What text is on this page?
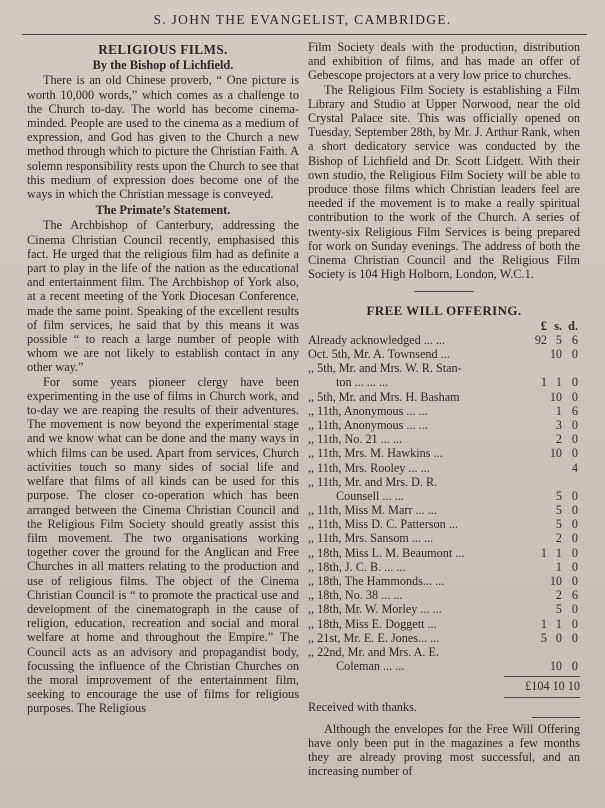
S. JOHN THE EVANGELIST, CAMBRIDGE.
RELIGIOUS FILMS.
By the Bishop of Lichfield.

There is an old Chinese proverb, “ One picture is worth 10,000 words,” which comes as a challenge to the Church to-day. The world has become cinema-minded. People are used to the cinema as a medium of expression, and God has given to the Church a new method through which to picture the Christian Faith. A solemn responsibility rests upon the Church to see that this medium of expression does become one of the ways in which the Christian message is conveyed.

The Primate’s Statement.

The Archbishop of Canterbury, addressing the Cinema Christian Council recently, emphasised this fact. He urged that the religious film had as definite a part to play in the life of the nation as the educational and entertainment film. The Archbishop of York also, at a recent meeting of the York Diocesan Conference, made the same point. Speaking of the excellent results of film services, he said that by this means it was possible “ to reach a large number of people with whom we are not likely to establish contact in any other way.”

For some years pioneer clergy have been experimenting in the use of films in Church work, and to-day we are reaping the results of their adventures. The movement is now beyond the experimental stage and we know what can be done and the many ways in which films can be used. Apart from services, Church activities touch so many sides of social life and welfare that films of all kinds can be used for this purpose. The closer co-operation which has been arranged between the Cinema Christian Council and the Religious Film Society should greatly assist this film movement. The two organisations working together cover the ground for the Anglican and Free Churches in all matters relating to the production and use of religious films. The object of the Cinema Christian Council is “ to promote the practical use and development of the cinematograph in the cause of religion, education, recreation and social and moral welfare at home and throughout the Empire.” The Council acts as an advisory and propagandist body, focussing the influence of the Christian Churches on the moral improvement of the entertainment film, seeking to encourage the use of films for religious purposes. The Religious

Film Society deals with the production, distribution and exhibition of films, and has made an offer of Gebescope projectors at a very low price to churches.

The Religious Film Society is establishing a Film Library and Studio at Upper Norwood, near the old Crystal Palace site. This was officially opened on Tuesday, September 28th, by Mr. J. Arthur Rank, when a short dedicatory service was conducted by the Bishop of Lichfield and Dr. Scott Lidgett. With their own studio, the Religious Film Society will be able to produce those films which Christian leaders feel are needed if the movement is to make a really spiritual contribution to the work of the Church. A series of twenty-six Religious Film Services is being prepared for work on Sunday evenings. The address of both the Cinema Christian Council and the Religious Film Society is 104 High Holborn, London, W.C.1.

FREE WILL OFFERING.
£ s. d.
Already acknowledged ... ...	92 5 6
Oct. 5th, Mr. A. Townsend ...	10 0
,, 5th, Mr. and Mrs. W. R. Stan-
ton ... ... ...	1 1 0
,, 5th, Mr. and Mrs. H. Basham	10 0
,, 11th, Anonymous ... ...	1 6
,, 11th, Anonymous ... ...	3 0
,, 11th, No. 21 ... ...	2 0
,, 11th, Mrs. M. Hawkins ...	10 0
,, 11th, Mrs. Rooley ... ...	4
,, 11th, Mr. and Mrs. D. R.
Counsell ... ...	5 0
,, 11th, Miss M. Marr ... ...	5 0
,, 11th, Miss D. C. Patterson ...	5 0
,, 11th, Mrs. Sansom ... ...	2 0
,, 18th, Miss L. M. Beaumont ...	1 1 0
,, 18th, J. C. B. ... ...	1 0
,, 18th, The Hammonds... ...	10 0
,, 18th, No. 38 ... ...	2 6
,, 18th, Mr. W. Morley ... ...	5 0
,, 18th, Miss E. Doggett ...	1 1 0
,, 21st, Mr. E. E. Jones... ...	5 0 0
,, 22nd, Mr. and Mrs. A. E.
Coleman ... ...	10 0
£104 10 10

Received with thanks.

Although the envelopes for the Free Will Offering have only been put in the magazines a few months they are already proving most successful, and an increasing number of
